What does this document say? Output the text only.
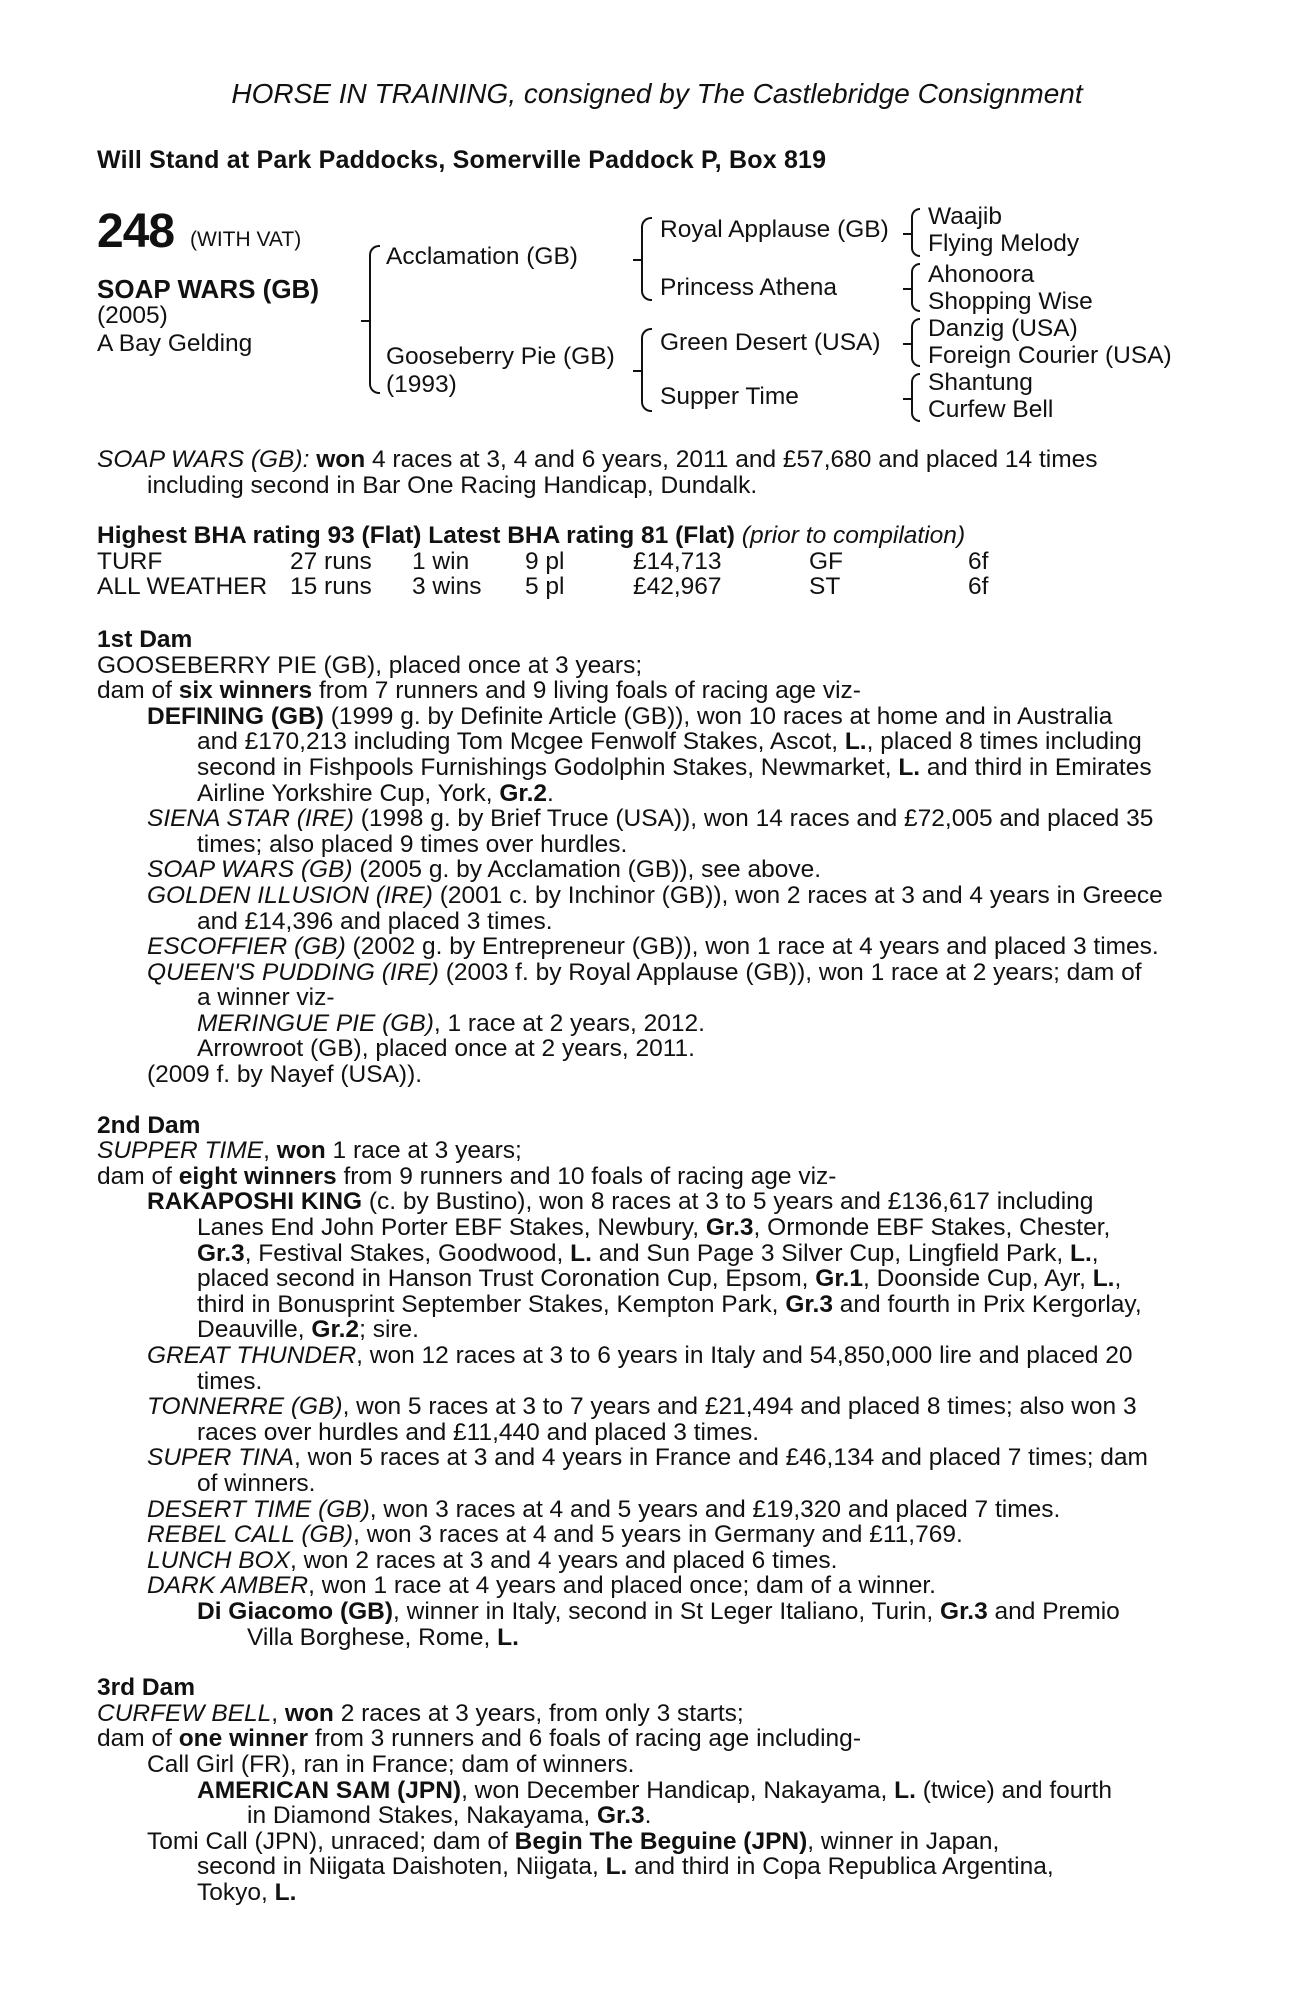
HORSE IN TRAINING, consigned by The Castlebridge Consignment
Will Stand at Park Paddocks, Somerville Paddock P, Box 819
248 (WITH VAT)
SOAP WARS (GB)
(2005)
A Bay Gelding
Acclamation (GB)
Gooseberry Pie (GB)
(1993)
Royal Applause (GB)
Princess Athena
Green Desert (USA)
Supper Time
Waajib
Flying Melody
Ahonoora
Shopping Wise
Danzig (USA)
Foreign Courier (USA)
Shantung
Curfew Bell

SOAP WARS (GB): won 4 races at 3, 4 and 6 years, 2011 and £57,680 and placed 14 times

including second in Bar One Racing Handicap, Dundalk.

Highest BHA rating 93 (Flat) Latest BHA rating 81 (Flat) (prior to compilation)

TURF	27 runs	1 win	9 pl	£14,713	GF	6f
ALL WEATHER	15 runs	3 wins	5 pl	£42,967	ST	6f

1st Dam

GOOSEBERRY PIE (GB), placed once at 3 years;

dam of six winners from 7 runners and 9 living foals of racing age viz-

DEFINING (GB) (1999 g. by Definite Article (GB)), won 10 races at home and in Australia

and £170,213 including Tom Mcgee Fenwolf Stakes, Ascot, L., placed 8 times including

second in Fishpools Furnishings Godolphin Stakes, Newmarket, L. and third in Emirates

Airline Yorkshire Cup, York, Gr.2.

SIENA STAR (IRE) (1998 g. by Brief Truce (USA)), won 14 races and £72,005 and placed 35

times; also placed 9 times over hurdles.

SOAP WARS (GB) (2005 g. by Acclamation (GB)), see above.

GOLDEN ILLUSION (IRE) (2001 c. by Inchinor (GB)), won 2 races at 3 and 4 years in Greece

and £14,396 and placed 3 times.

ESCOFFIER (GB) (2002 g. by Entrepreneur (GB)), won 1 race at 4 years and placed 3 times.

QUEEN'S PUDDING (IRE) (2003 f. by Royal Applause (GB)), won 1 race at 2 years; dam of

a winner viz-

MERINGUE PIE (GB), 1 race at 2 years, 2012.

Arrowroot (GB), placed once at 2 years, 2011.

(2009 f. by Nayef (USA)).

2nd Dam

SUPPER TIME, won 1 race at 3 years;

dam of eight winners from 9 runners and 10 foals of racing age viz-

RAKAPOSHI KING (c. by Bustino), won 8 races at 3 to 5 years and £136,617 including

Lanes End John Porter EBF Stakes, Newbury, Gr.3, Ormonde EBF Stakes, Chester,

Gr.3, Festival Stakes, Goodwood, L. and Sun Page 3 Silver Cup, Lingfield Park, L.,

placed second in Hanson Trust Coronation Cup, Epsom, Gr.1, Doonside Cup, Ayr, L.,

third in Bonusprint September Stakes, Kempton Park, Gr.3 and fourth in Prix Kergorlay,

Deauville, Gr.2; sire.

GREAT THUNDER, won 12 races at 3 to 6 years in Italy and 54,850,000 lire and placed 20

times.

TONNERRE (GB), won 5 races at 3 to 7 years and £21,494 and placed 8 times; also won 3

races over hurdles and £11,440 and placed 3 times.

SUPER TINA, won 5 races at 3 and 4 years in France and £46,134 and placed 7 times; dam

of winners.

DESERT TIME (GB), won 3 races at 4 and 5 years and £19,320 and placed 7 times.

REBEL CALL (GB), won 3 races at 4 and 5 years in Germany and £11,769.

LUNCH BOX, won 2 races at 3 and 4 years and placed 6 times.

DARK AMBER, won 1 race at 4 years and placed once; dam of a winner.

Di Giacomo (GB), winner in Italy, second in St Leger Italiano, Turin, Gr.3 and Premio

Villa Borghese, Rome, L.

3rd Dam

CURFEW BELL, won 2 races at 3 years, from only 3 starts;

dam of one winner from 3 runners and 6 foals of racing age including-

Call Girl (FR), ran in France; dam of winners.

AMERICAN SAM (JPN), won December Handicap, Nakayama, L. (twice) and fourth

in Diamond Stakes, Nakayama, Gr.3.

Tomi Call (JPN), unraced; dam of Begin The Beguine (JPN), winner in Japan,

second in Niigata Daishoten, Niigata, L. and third in Copa Republica Argentina,

Tokyo, L.
